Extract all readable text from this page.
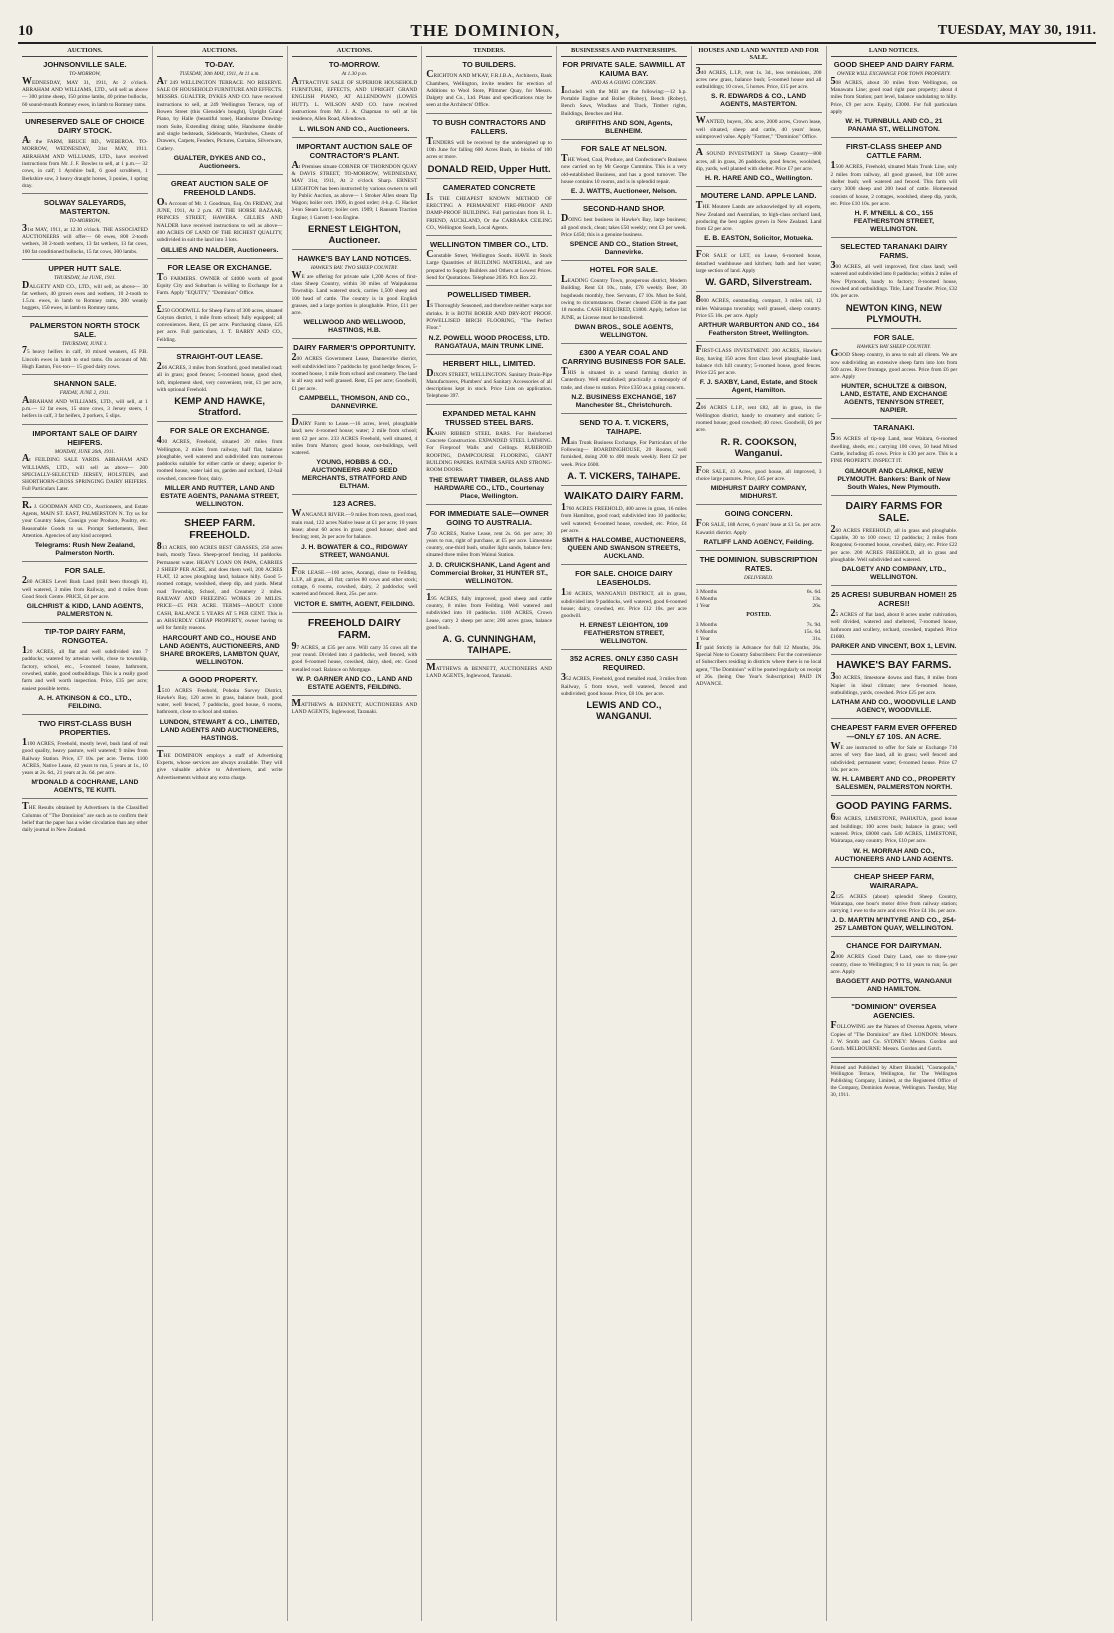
10	THE DOMINION,	TUESDAY, MAY 30, 1911.
AUCTIONS.
JOHNSONVILLE SALE.
TO-MORROW,

WEDNESDAY, MAY 31, 1911, At 2 o'clock. ABRAHAM AND WILLIAMS, LTD., will sell as above— 300 prime sheep, 150 prime lambs, 40 prime bullocks, 60 sound-mouth Romney ewes, in lamb to Romney rams.

UNRESERVED SALE OF CHOICE DAIRY STOCK.

At the FARM, BRUCE RD., WEBEROA. TO-MORROW, WEDNESDAY, 31st MAY, 1911. ABRAHAM AND WILLIAMS, LTD., have received instructions from Mr. J. F. Bowles to sell, at 1 p.m.— 32 cows, in calf; 1 Ayrshire bull, 6 good scrubbers, 1 Berkshire sow, 3 heavy draught horses, 3 ponies, 1 spring dray.

SOLWAY SALEYARDS, MASTERTON.
TO-MORROW,

31st MAY, 1911, at 12.30 o'clock. THE ASSOCIATED AUCTIONEERS will offer— 60 ewes, 800 2-tooth wethers, 30 2-tooth wethers, 13 fat wethers, 13 fat cows, 100 fat conditioned bullocks, 15 fat cows, 300 lambs.

UPPER HUTT SALE.
THURSDAY, 1st JUNE, 1911.

DALGETY AND CO., LTD., will sell, as above— 30 fat wethers, 40 grown ewes and wethers, 10 2-tooth to 1.5.m. ewes, in lamb to Romney rams, 200 weanly hoggets, 150 ewes, in lamb to Romney rams.

PALMERSTON NORTH STOCK SALE.
THURSDAY, JUNE 1.

75 heavy heifers in calf, 10 mixed weaners, 45 P.B. Lincoln ewes in lamb to stud rams. On account of Mr. Hugh Easton, Fox-ton— 15 good dairy cows.

SHANNON SALE.
FRIDAY, JUNE 2, 1911.

ABRAHAM AND WILLIAMS, LTD., will sell, at 1 p.m.— 12 fat ewes, 15 store cows, 3 Jersey steers, 1 heifers in calf, 3 fat heifers, 2 porkers, 5 slips.

IMPORTANT SALE OF DAIRY HEIFERS.
MONDAY, JUNE 26th, 1911.

At FEILDING SALE YARDS. ABRAHAM AND WILLIAMS, LTD., will sell as above— 200 SPECIALLY-SELECTED JERSEY, HOLSTEIN, and SHORTHORN-CROSS SPRINGING DAIRY HEIFERS. Full Particulars Later.

R. J. GOODMAN AND CO., Auctioneers, and Estate Agents, MAIN ST. EAST, PALMERSTON N. Try us for your Country Sales, Consign your Produce, Poultry, etc. Reasonable Goods to us. Prompt Settlements, Best Attention. Agencies of any kind accepted.

Telegrams: Rush New Zealand, Palmerston North.
FOR SALE.

280 ACRES Level Bush Land (mill been through it), well watered, 3 miles from Railway, and 4 miles from Good Stock Centre. PRICE, £4 per acre.

GILCHRIST & KIDD, LAND AGENTS, PALMERSTON N.
TIP-TOP DAIRY FARM, RONGOTEA.

120 ACRES, all flat and well subdivided into 7 paddocks; watered by artesian wells, close to township, factory, school, etc., 5-roomed house, bathroom, cowshed, stable, good outbuildings. This is a really good farm and well worth inspection. Price, £35 per acre; easiest possible terms.

A. H. ATKINSON & CO., LTD., FEILDING.
TWO FIRST-CLASS BUSH PROPERTIES.

1100 ACRES, Freehold, mostly level, bush land of real good quality, heavy pasture, well watered; 9 miles from Railway Station. Price, £7 10s. per acre. Terms. 1100 ACRES, Native Lease, 42 years to run, 5 years at 1s., 10 years at 2s. 6d., 21 years at 2s. 6d. per acre.

M'DONALD & COCHRANE, LAND AGENTS, TE KUITI.

THE Results obtained by Advertisers in the Classified Columns of "The Dominion" are such as to confirm their belief that the paper has a wider circulation than any other daily journal in New Zealand.

AUCTIONS.
TO-DAY.
TUESDAY, 30th MAY, 1911, At 11 a.m.

AT 249 WELLINGTON TERRACE. NO RESERVE. SALE OF HOUSEHOLD FURNITURE AND EFFECTS. MESSRS. GUALTER, DYKES AND CO. have received instructions to sell, at 249 Wellington Terrace, top of Bowen Street (this Glenside's bought), Upright Grand Piano, by Halle (beautiful tone), Handsome Drawing-room Suite, Extending dining table, Handsome double and single bedsteads, Sideboards, Wardrobes, Chests of Drawers, Carpets, Fenders, Pictures, Curtains, Silverware, Cutlery.

GUALTER, DYKES AND CO., Auctioneers.
GREAT AUCTION SALE OF FREEHOLD LANDS.

On Account of Mr. J. Goodman, Esq. On FRIDAY, 2nd JUNE, 1911, At 2 p.m. AT THE HORSE BAZAAR, PRINCES STREET, HAWERA. GILLIES AND NALDER have received instructions to sell as above— 400 ACRES OF LAND OF THE RICHEST QUALITY, subdivided in suit the land into 3 lots.

GILLIES AND NALDER, Auctioneers.
FOR LEASE OR EXCHANGE.

TO FARMERS. OWNER of £4000 worth of good Equity City and Suburban is willing to Exchange for a Farm. Apply "EQUITY," "Dominion" Office.

£250 GOODWILL for Sheep Farm of 300 acres, situated Coiyton district, 1 mile from school; fully equipped; all conveniences. Rent, £5 per acre. Purchasing clause, £25 per acre. Full particulars, J. T. BARRY AND CO., Feilding.

STRAIGHT-OUT LEASE.

266 ACRES, 3 miles from Stratford, good metalled road; all in grass; good fences; 5-roomed house, good shed, loft, implement shed, very convenient, rent, £1 per acre, with optional Freehold.

KEMP AND HAWKE, Stratford.
FOR SALE OR EXCHANGE.

430 ACRES, Freehold, situated 20 miles from Wellington, 2 miles from railway, half flat, balance ploughable, well watered and subdivided into numerous paddocks suitable for either cattle or sheep; superior 8-roomed house, water laid on, garden and orchard, 12-bail cowshed, concrete floor, dairy.

MILLER AND RUTTER, LAND AND ESTATE AGENTS, PANAMA STREET, WELLINGTON.
SHEEP FARM. FREEHOLD.

813 ACRES, 600 ACRES BEST GRASSES, 250 acres bush, mostly Tawa. Sheep-proof fencing, 14 paddocks. Permanent water. HEAVY LOAN ON PAPA, CARRIES 2 SHEEP PER ACRE, and does them well, 200 ACRES FLAT, 12 acres ploughing land, balance hilly. Good 5-roomed cottage, woolshed, sheep dip, and yards. Metal road Township, School, and Creamery 2 miles. RAILWAY AND FREEZING WORKS 20 MILES. PRICE—£5 PER ACRE. TERMS—ABOUT £1000 CASH, BALANCE 5 YEARS AT 5 PER CENT. This is an ABSURDLY CHEAP PROPERTY, owner having to sell for family reasons.

HARCOURT AND CO., HOUSE AND LAND AGENTS, AUCTIONEERS, AND SHARE BROKERS, LAMBTON QUAY, WELLINGTON.
A GOOD PROPERTY.

1510 ACRES Freehold, Pohoku Survey District, Hawke's Bay, 120 acres in grass, balance bush, good water, well fenced, 7 paddocks, good house, 6 rooms, bathroom, close to school and station.

LUNDON, STEWART & CO., LIMITED, LAND AGENTS AND AUCTIONEERS, HASTINGS.

THE DOMINION employs a staff of Advertising Experts, whose services are always available. They will give valuable advice to Advertisers, and write Advertisements without any extra charge.

AUCTIONS.
TO-MORROW.
At 1.30 p.m.

ATTRACTIVE SALE OF SUPERIOR HOUSEHOLD FURNITURE, EFFECTS, AND UPRIGHT GRAND ENGLISH PIANO, AT ALLENDOWN (LOWES HUTT). L. WILSON AND CO. have received instructions from Mr. J. A. Chapman to sell at his residence, Allen Road, Allendown.

L. WILSON AND CO., Auctioneers.
IMPORTANT AUCTION SALE OF CONTRACTOR'S PLANT.

At Premises situate CORNER OF THORNDON QUAY & DAVIS STREET, TO-MORROW, WEDNESDAY, MAY 31st, 1911, At 2 o'clock Sharp. ERNEST LEIGHTON has been instructed by various owners to sell by Public Auction, as above— 1 Stroker Allen steam Tip Wagon; boiler cert. 1909, in good order; 4-h.p. C. Hacket 3-ton Steam Lorry; boiler cert. 1909; 1 Ransom Traction Engine; 1 Garrett 1-ton Engine.

ERNEST LEIGHTON, Auctioneer.
HAWKE'S BAY LAND NOTICES.
HAWKE'S BAY. TWO SHEEP COUNTRY.

WE are offering for private sale 1,200 Acres of first-class Sheep Country, within 30 miles of Waipukurau Township. Land watered stock, carries 1,500 sheep and 100 head of cattle. The country is in good English grasses, and a large portion is ploughable. Price, £11 per acre.

WELLWOOD AND WELLWOOD, HASTINGS, H.B.
DAIRY FARMER'S OPPORTUNITY.

200 ACRES Government Lease, Dannevirke district, well subdivided into 7 paddocks by good hedge fences, 5-roomed house, 1 mile from school and creamery. The land is all easy and well grassed. Rent, £5 per acre; Goodwill, £1 per acre.

CAMPBELL, THOMSON, AND CO., DANNEVIRKE.

DAIRY Farm to Lease.—16 acres, level, ploughable land; new 4-roomed house; water; 2 mile from school; rent £2 per acre. 233 ACRES Freehold, well situated, 4 miles from Marton; good house, out-buildings, well watered.

YOUNG, HOBBS & CO., AUCTIONEERS AND SEED MERCHANTS, STRATFORD AND ELTHAM.
123 ACRES.

WANGANUI RIVER.—9 miles from town, good road, main road, 122 acres Native lease at £1 per acre; 10 years lease; about 60 acres in grass; good house; shed and fencing; rent, 2s per acre for balance.

J. H. BOWATER & CO., RIDGWAY STREET, WANGANUI.

FOR LEASE.—160 acres, Aorangi, close to Feilding, L.I.P., all grass, all flat; carries 80 cows and other stock; cottage, 6 rooms, cowshed, dairy, 2 paddocks; well watered and fenced. Rent, 25s. per acre.

VICTOR E. SMITH, AGENT, FEILDING.
FREEHOLD DAIRY FARM.

97 ACRES, at £35 per acre. Will carry 35 cows all the year round. Divided into 4 paddocks, well fenced, with good 6-roomed house, cowshed, dairy, shed, etc. Good metalled road. Balance on Mortgage.

W. P. GARNER AND CO., LAND AND ESTATE AGENTS, FEILDING.

MATTHEWS & BENNETT, AUCTIONEERS AND LAND AGENTS, Inglewood, Taranaki.

TENDERS.
TO BUILDERS.

CRICHTON AND M'KAY, F.R.I.B.A., Architects, Bank Chambers, Wellington, invite tenders for erection of Additions to Wool Store, Plimmer Quay, for Messrs. Dalgety and Co., Ltd. Plans and specifications may be seen at the Architects' Office.

TO BUSH CONTRACTORS AND FALLERS.

TENDERS will be received by the undersigned up to 10th June for falling 600 Acres Bush, in blocks of 100 acres or more.

DONALD REID, Upper Hutt.
CAMERATED CONCRETE

IS THE CHEAPEST KNOWN METHOD OF ERECTING A PERMANENT FIRE-PROOF AND DAMP-PROOF BUILDING. Full particulars from H. L. FRIEND, AUCKLAND, Or the CARRARA CEILING CO., Wellington South, Local Agents.

WELLINGTON TIMBER CO., LTD.

Constable Street, Wellington South. HAVE in Stock Large Quantities of BUILDING MATERIAL, and are prepared to Supply Builders and Others at Lowest Prices. Send for Quotations. Telephone 2036. P.O. Box 22.

POWELLISED TIMBER.

IS Thoroughly Seasoned, and therefore neither warps nor shrinks. It is BOTH BORER AND DRY-ROT PROOF. POWELLISED BIRCH FLOORING, "The Perfect Floor."

N.Z. POWELL WOOD PROCESS, LTD. RANGATAUA, MAIN TRUNK LINE.
HERBERT HILL, LIMITED.

DIXON STREET, WELLINGTON. Sanitary Drain-Pipe Manufacturers, Plumbers' and Sanitary Accessories of all descriptions kept in stock. Price Lists on application. Telephone 397.

EXPANDED METAL KAHN TRUSSED STEEL BARS.

KAHN RIBBED STEEL BARS. For Reinforced Concrete Construction. EXPANDED STEEL LATHING. For Fireproof Walls and Ceilings. RUBEROID ROOFING, DAMPCOURSE FLOORING, GIANT BUILDING PAPERS. RATNER SAFES AND STRONG-ROOM DOORS.

THE STEWART TIMBER, GLASS AND HARDWARE CO., LTD., Courtenay Place, Wellington.
FOR IMMEDIATE SALE—OWNER GOING TO AUSTRALIA.

750 ACRES, Native Lease, rent 2s. 6d. per acre; 30 years to run, right of purchase, at £5 per acre. Limestone country, one-third bush, smaller light sands, balance fern; situated three miles from Wainui Station.

J. D. CRUICKSHANK, Land Agent and Commercial Broker, 31 HUNTER ST., WELLINGTON.

195 ACRES, fully improved, good sheep and cattle country, 8 miles from Feilding. Well watered and subdivided into 10 paddocks. 1100 ACRES, Crown Lease, carry 2 sheep per acre; 200 acres grass, balance good bush.

A. G. CUNNINGHAM, TAIHAPE.

MATTHEWS & BENNETT, AUCTIONEERS AND LAND AGENTS, Inglewood, Taranaki.

BUSINESSES AND PARTNERSHIPS.
FOR PRIVATE SALE. SAWMILL AT KAIUMA BAY.
AND AS A GOING CONCERN.

Included with the Mill are the following:—12 h.p. Portable Engine and Boiler (Robey), Bench (Robey), Bench Saws, Windlass and Track, Timber rights, Buildings, Benches and Hut.

GRIFFITHS AND SON, Agents, BLENHEIM.
FOR SALE AT NELSON.

THE Wood, Coal, Produce, and Confectioner's Business now carried on by Mr George Cummins. This is a very old-established Business, and has a good turnover. The house contains 10 rooms, and is in splendid repair.

E. J. WATTS, Auctioneer, Nelson.
SECOND-HAND SHOP.

DOING best business in Hawke's Bay, large business; all good stock, clean; takes £50 weekly; rent £3 per week. Price £450; this is a genuine business.

SPENCE AND CO., Station Street, Dannevirke.
HOTEL FOR SALE.

LEADING Country Town, prosperous district, Modern Building. Rent £4 10s., trade, £70 weekly. Beer, 30 hogsheads monthly, free. Servants, £7 10s. Must be Sold, owing to circumstances. Owner cleared £500 in the past 18 months. CASH REQUIRED, £1800. Apply, before 1st JUNE, as License must be transferred.

DWAN BROS., SOLE AGENTS, WELLINGTON.
£300 A YEAR COAL AND CARRYING BUSINESS FOR SALE.

THIS is situated in a sound farming district in Canterbury. Well established; practically a monopoly of trade, and close to station. Price £350 as a going concern.

N.Z. BUSINESS EXCHANGE, 167 Manchester St., Christchurch.
SEND TO A. T. VICKERS, TAIHAPE.

Main Trunk Business Exchange, For Particulars of the Following— BOARDINGHOUSE, 20 Rooms, well furnished, doing 200 to 400 meals weekly. Rent £2 per week. Price £600.

A. T. VICKERS, TAIHAPE.
WAIKATO DAIRY FARM.

1760 ACRES FREEHOLD, 400 acres in grass, 16 miles from Hamilton, good road; subdivided into 10 paddocks; well watered; 6-roomed house, cowshed, etc. Price, £4 per acre.

SMITH & HALCOMBE, AUCTIONEERS, QUEEN AND SWANSON STREETS, AUCKLAND.
FOR SALE. CHOICE DAIRY LEASEHOLDS.

130 ACRES, WANGANUI DISTRICT, all in grass, subdivided into 9 paddocks, well watered, good 6-roomed house; dairy, cowshed, etc. Price £12 10s. per acre goodwill.

H. ERNEST LEIGHTON, 109 FEATHERSTON STREET, WELLINGTON.
352 ACRES. ONLY £350 CASH REQUIRED.

352 ACRES, Freehold, good metalled road, 3 miles from Railway, 5 from town, well watered, fenced and subdivided; good house. Price, £8 10s. per acre.

LEWIS AND CO., WANGANUI.
HOUSES AND LAND WANTED AND FOR SALE.

340 ACRES, L.I.P., rent 1s. 3d., less remissions, 200 acres new grass, balance bush; 5-roomed house and all outbuildings; 10 cows, 5 horses. Price, £15 per acre.

S. R. EDWARDS & CO., LAND AGENTS, MASTERTON.

WANTED, buyers, 30s. acre, 2000 acres, Crown lease, well situated, sheep and cattle, 40 years' lease, unimproved value. Apply "Farmer," "Dominion" Office.

A SOUND INVESTMENT in Sheep Country—800 acres, all in grass, 26 paddocks, good fences, woolshed, dip, yards, well planted with shelter. Price £7 per acre.

H. R. HARE AND CO., Wellington.
MOUTERE LAND. APPLE LAND.

THE Moutere Lands are acknowledged by all experts, New Zealand and Australian, to high-class orchard land, producing the best apples grown in New Zealand. Land from £2 per acre.

E. B. EASTON, Solicitor, Motueka.

FOR SALE or LET, on Lease, 6-roomed house, detached washhouse and kitchen; bath and hot water; large section of land. Apply

W. GARD, Silverstream.

8000 ACRES, outstanding, compact, 3 miles rail, 12 miles Wairarapa township; well grassed, sheep country. Price £5 10s. per acre. Apply

ARTHUR WARBURTON AND CO., 164 Featherston Street, Wellington.

FIRST-CLASS INVESTMENT. 200 ACRES, Hawke's Bay, having 150 acres first class level ploughable land, balance rich hill country; 5-roomed house, good fences. Price £25 per acre.

F. J. SAXBY, Land, Estate, and Stock Agent, Hamilton.

206 ACRES L.I.P., rent £82, all in grass, in the Wellington district, handy to creamery and station; 5-roomed house; good cowshed; 40 cows. Goodwill, £6 per acre.

R. R. COOKSON, Wanganui.

FOR SALE, 43 Acres, good house, all improved, 3 choice large pastures. Price, £45 per acre.

MIDHURST DAIRY COMPANY, MIDHURST.
GOING CONCERN.

FOR SALE, 188 Acres, 6 years' lease at £1 5s. per acre. Kawatiri district. Apply

RATLIFF LAND AGENCY, Feilding.
THE DOMINION. SUBSCRIPTION RATES.
DELIVERED.
3 Months	6s. 6d.
6 Months	13s.
1 Year	26s.
POSTED.
3 Months	7s. 9d.
6 Months	15s. 6d.
1 Year	31s.

If paid Strictly in Advance for full 12 Months, 26s. Special Note to Country Subscribers: For the convenience of Subscribers residing in districts where there is no local agent, "The Dominion" will be posted regularly on receipt of 26s. (being One Year's Subscription) PAID IN ADVANCE.

LAND NOTICES.
GOOD SHEEP AND DAIRY FARM.
OWNER WILL EXCHANGE FOR TOWN PROPERTY.

508 ACRES, about 30 miles from Wellington, on Manawatu Line; good road right past property; about 4 miles from Station; part level, balance undulating to hilly. Price, £9 per acre. Equity, £3000. For full particulars apply

W. H. TURNBULL AND CO., 21 PANAMA ST., WELLINGTON.
FIRST-CLASS SHEEP AND CATTLE FARM.

1500 ACRES, Freehold, situated Main Trunk Line, only 2 miles from railway, all good grassed, but 100 acres shelter bush; well watered and fenced. This farm will carry 3000 sheep and 200 head of cattle. Homestead consists of house, 2 cottages, woolshed, sheep dip, yards, etc. Price £10 10s. per acre.

H. F. M'NEILL & CO., 155 FEATHERSTON STREET, WELLINGTON.
SELECTED TARANAKI DAIRY FARMS.

300 ACRES, all well improved, first class land; well watered and subdivided into 8 paddocks; within 2 miles of New Plymouth, handy to factory; 8-roomed house, cowshed and outbuildings. Title, Land Transfer. Price, £32 10s. per acre.

NEWTON KING, NEW PLYMOUTH.
FOR SALE.
HAWKE'S BAY SHEEP COUNTRY.

GOOD Sheep country, in area to suit all clients. We are now subdividing an extensive sheep farm into lots from 500 acres. River frontage, good access. Price from £6 per acre. Apply

HUNTER, SCHULTZE & GIBSON, LAND, ESTATE, AND EXCHANGE AGENTS, TENNYSON STREET, NAPIER.
TARANAKI.

536 ACRES of tip-top Land, near Waitara, 6-roomed dwelling, sheds, etc.; carrying 100 cows, 50 head Mixed Cattle, including 45 cows. Price is £30 per acre. This is a FINE PROPERTY. INSPECT IT.

GILMOUR AND CLARKE, NEW PLYMOUTH. Bankers: Bank of New South Wales, New Plymouth.
DAIRY FARMS FOR SALE.

260 ACRES FREEHOLD, all in grass and ploughable. Capable, 30 to 100 cows; 12 paddocks; 2 miles from Rongotea; 6-roomed house, cowshed, dairy, etc. Price £22 per acre. 200 ACRES FREEHOLD, all in grass and ploughable. Well subdivided and watered.

DALGETY AND COMPANY, LTD., WELLINGTON.
25 ACRES! SUBURBAN HOME!! 25 ACRES!!

25 ACRES of flat land, about 8 acres under cultivation, well divided, watered and sheltered, 7-roomed house, bathroom and scullery, orchard, cowshed, trapshed. Price £1600.

PARKER AND VINCENT, BOX 1, LEVIN.
HAWKE'S BAY FARMS.

300 ACRES, limestone downs and flats, 8 miles from Napier in ideal climate; new 6-roomed house, outbuildings, yards, cowshed. Price £25 per acre.

LATHAM AND CO., WOODVILLE LAND AGENCY, WOODVILLE.
CHEAPEST FARM EVER OFFERED—ONLY £7 10S. AN ACRE.

WE are instructed to offer for Sale or Exchange 710 acres of very fine land, all in grass; well fenced and subdivided; permanent water; 6-roomed house. Price £7 10s. per acre.

W. H. LAMBERT AND CO., PROPERTY SALESMEN, PALMERSTON NORTH.
GOOD PAYING FARMS.

628 ACRES, LIMESTONE, PAHIATUA, good house and buildings; 100 acres bush; balance in grass; well watered. Price, £8000 cash. 540 ACRES, LIMESTONE, Wairarapa, easy country. Price, £10 per acre.

W. H. MORRAH AND CO., AUCTIONEERS AND LAND AGENTS.
CHEAP SHEEP FARM, WAIRARAPA.

2125 ACRES (about) splendid Sheep Country, Wairarapa, one hour's motor drive from railway station; carrying 1 ewe to the acre and over. Price £4 10s. per acre.

J. D. MARTIN M'INTYRE AND CO., 254-257 LAMBTON QUAY, WELLINGTON.
CHANCE FOR DAIRYMAN.

2000 ACRES Good Dairy Land, one to three-year country, close to Wellington; 9 to 14 years to run; 5s. per acre. Apply

BAGGETT AND POTTS, WANGANUI AND HAMILTON.
"DOMINION" OVERSEA AGENCIES.

FOLLOWING are the Names of Oversea Agents, where Copies of "The Dominion" are filed. LONDON: Messrs. J. W. Smith and Co. SYDNEY: Messrs. Gordon and Gotch. MELBOURNE: Messrs. Gordon and Gotch.

Printed and Published by Albert Blundell, "Cosmopolis," Wellington Terrace, Wellington, for The Wellington Publishing Company, Limited, at the Registered Office of the Company, Dominion Avenue, Wellington. Tuesday, May 30, 1911.
